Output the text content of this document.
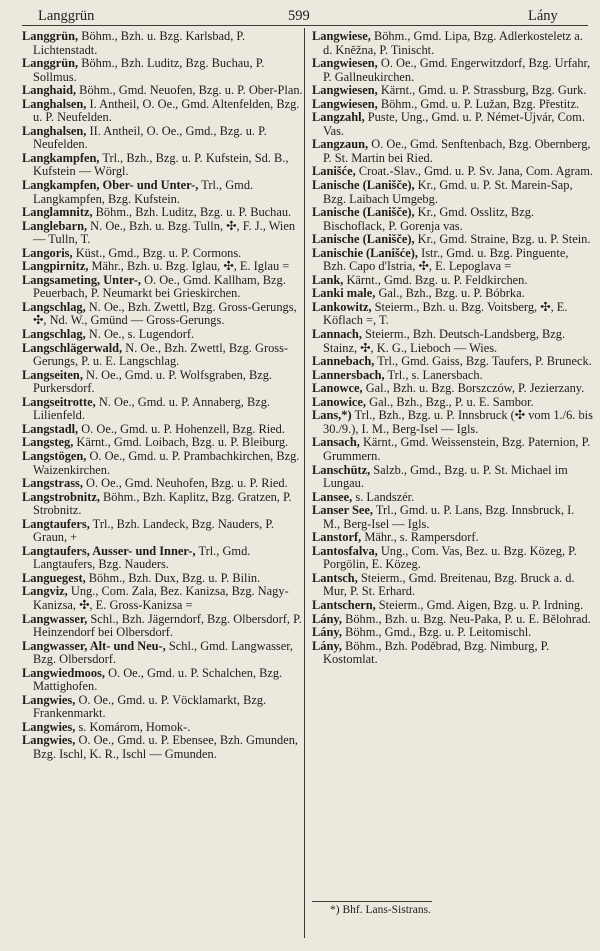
Langgrün	599	Lány
Langgrün, Böhm., Bzh. u. Bzg. Karlsbad, P. Lichtenstadt.
Langgrün, Böhm., Bzh. Luditz, Bzg. Buchau, P. Sollmus.
Langhaid, Böhm., Gmd. Neuofen, Bzg. u. P. Ober-Plan.
Langhalsen, I. Antheil, O. Oe., Gmd. Altenfelden, Bzg. u. P. Neufelden.
Langhalsen, II. Antheil, O. Oe., Gmd., Bzg. u. P. Neufelden.
Langkampfen, Trl., Bzh., Bzg. u. P. Kufstein, Sd. B., Kufstein — Wörgl.
Langkampfen, Ober- und Unter-, Trl., Gmd. Langkampfen, Bzg. Kufstein.
Langlamnitz, Böhm., Bzh. Luditz, Bzg. u. P. Buchau.
Langlebarn, N. Oe., Bzh. u. Bzg. Tulln, ✣, F. J., Wien — Tulln, T.
Langoris, Küst., Gmd., Bzg. u. P. Cormons.
Langpirnitz, Mähr., Bzh. u. Bzg. Iglau, ✣, E. Iglau =
Langsameting, Unter-, O. Oe., Gmd. Kallham, Bzg. Peuerbach, P. Neumarkt bei Grieskirchen.
Langschlag, N. Oe., Bzh. Zwettl, Bzg. Gross-Gerungs, ✣, Nd. W., Gmünd — Gross-Gerungs.
Langschlag, N. Oe., s. Lugendorf.
Langschlägerwald, N. Oe., Bzh. Zwettl, Bzg. Gross-Gerungs, P. u. E. Langschlag.
Langseiten, N. Oe., Gmd. u. P. Wolfsgraben, Bzg. Purkersdorf.
Langseitrotte, N. Oe., Gmd. u. P. Annaberg, Bzg. Lilienfeld.
Langstadl, O. Oe., Gmd. u. P. Hohenzell, Bzg. Ried.
Langsteg, Kärnt., Gmd. Loibach, Bzg. u. P. Bleiburg.
Langstögen, O. Oe., Gmd. u. P. Prambachkirchen, Bzg. Waizenkirchen.
Langstrass, O. Oe., Gmd. Neuhofen, Bzg. u. P. Ried.
Langstrobnitz, Böhm., Bzh. Kaplitz, Bzg. Gratzen, P. Strobnitz.
Langtaufers, Trl., Bzh. Landeck, Bzg. Nauders, P. Graun, +
Langtaufers, Ausser- und Inner-, Trl., Gmd. Langtaufers, Bzg. Nauders.
Languegest, Böhm., Bzh. Dux, Bzg. u. P. Bilin.
Langviz, Ung., Com. Zala, Bez. Kanizsa, Bzg. Nagy-Kanizsa, ✣, E. Gross-Kanizsa =
Langwasser, Schl., Bzh. Jägerndorf, Bzg. Olbersdorf, P. Heinzendorf bei Olbersdorf.
Langwasser, Alt- und Neu-, Schl., Gmd. Langwasser, Bzg. Olbersdorf.
Langwiedmoos, O. Oe., Gmd. u. P. Schalchen, Bzg. Mattighofen.
Langwies, O. Oe., Gmd. u. P. Vöcklamarkt, Bzg. Frankenmarkt.
Langwies, s. Komárom, Homok-.
Langwies, O. Oe., Gmd. u. P. Ebensee, Bzh. Gmunden, Bzg. Ischl, K. R., Ischl — Gmunden.
Langwiese, Böhm., Gmd. Lipa, Bzg. Adlerkosteletz a. d. Kněžna, P. Tinischt.
Langwiesen, O. Oe., Gmd. Engerwitzdorf, Bzg. Urfahr, P. Gallneukirchen.
Langwiesen, Kärnt., Gmd. u. P. Strassburg, Bzg. Gurk.
Langwiesen, Böhm., Gmd. u. P. Lužan, Bzg. Přestitz.
Langzahl, Puste, Ung., Gmd. u. P. Német-Ujvár, Com. Vas.
Langzaun, O. Oe., Gmd. Senftenbach, Bzg. Obernberg, P. St. Martin bei Ried.
Lanišće, Croat.-Slav., Gmd. u. P. Sv. Jana, Com. Agram.
Lanische (Lanišče), Kr., Gmd. u. P. St. Marein-Sap, Bzg. Laibach Umgebg.
Lanische (Lanišče), Kr., Gmd. Osslitz, Bzg. Bischoflack, P. Gorenja vas.
Lanische (Lanišče), Kr., Gmd. Straine, Bzg. u. P. Stein.
Lanischie (Lanišće), Istr., Gmd. u. Bzg. Pinguente, Bzh. Capo d'Istria, ✣, E. Lepoglava =
Lank, Kärnt., Gmd. Bzg. u. P. Feldkirchen.
Lanki male, Gal., Bzh., Bzg. u. P. Bóbrka.
Lankowitz, Steierm., Bzh. u. Bzg. Voitsberg, ✣, E. Köflach =, T.
Lannach, Steierm., Bzh. Deutsch-Landsberg, Bzg. Stainz, ✣, K. G., Lieboch — Wies.
Lannebach, Trl., Gmd. Gaiss, Bzg. Taufers, P. Bruneck.
Lannersbach, Trl., s. Lanersbach.
Lanowce, Gal., Bzh. u. Bzg. Borszczów, P. Jezierzany.
Lanowice, Gal., Bzh., Bzg., P. u. E. Sambor.
Lans,*) Trl., Bzh., Bzg. u. P. Innsbruck (✣ vom 1./6. bis 30./9.), I. M., Berg-Isel — Igls.
Lansach, Kärnt., Gmd. Weissenstein, Bzg. Paternion, P. Grummern.
Lanschütz, Salzb., Gmd., Bzg. u. P. St. Michael im Lungau.
Lansee, s. Landszér.
Lanser See, Trl., Gmd. u. P. Lans, Bzg. Innsbruck, I. M., Berg-Isel — Igls.
Lanstorf, Mähr., s. Rampersdorf.
Lantosfalva, Ung., Com. Vas, Bez. u. Bzg. Közeg, P. Porgölin, E. Közeg.
Lantsch, Steierm., Gmd. Breitenau, Bzg. Bruck a. d. Mur, P. St. Erhard.
Lantschern, Steierm., Gmd. Aigen, Bzg. u. P. Irdning.
Lány, Böhm., Bzh. u. Bzg. Neu-Paka, P. u. E. Bělohrad.
Lány, Böhm., Gmd., Bzg. u. P. Leitomischl.
Lány, Böhm., Bzh. Poděbrad, Bzg. Nimburg, P. Kostomlat.
*) Bhf. Lans-Sistrans.
